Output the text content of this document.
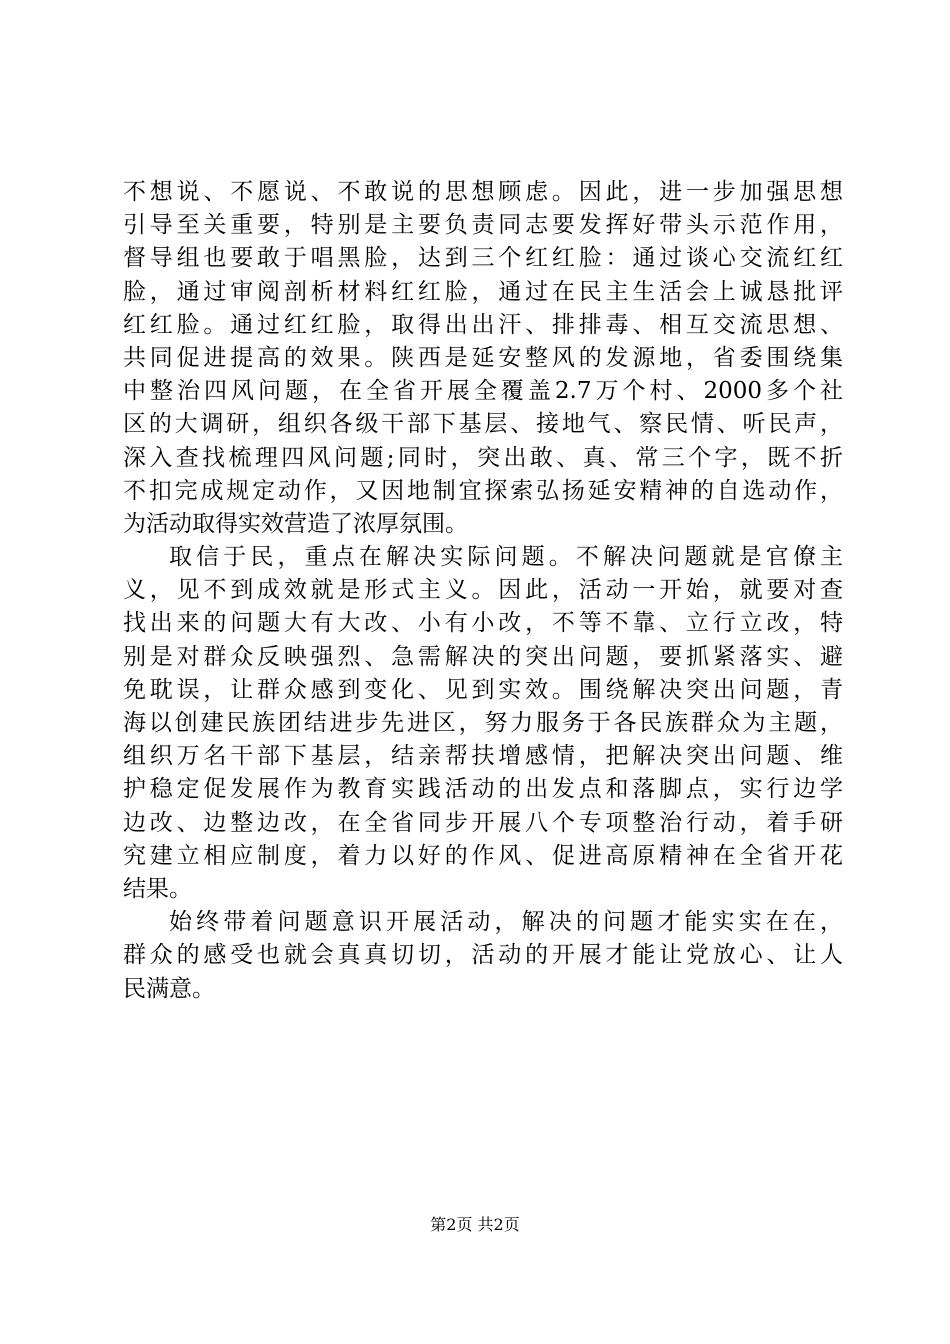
不想说、不愿说、不敢说的思想顾虑。因此，进一步加强思想
引导至关重要，特别是主要负责同志要发挥好带头示范作用，
督导组也要敢于唱黑脸，达到三个红红脸：通过谈心交流红红
脸，通过审阅剖析材料红红脸，通过在民主生活会上诚恳批评
红红脸。通过红红脸，取得出出汗、排排毒、相互交流思想、
共同促进提高的效果。陕西是延安整风的发源地，省委围绕集
中整治四风问题，在全省开展全覆盖2.7万个村、2000多个社
区的大调研，组织各级干部下基层、接地气、察民情、听民声，
深入查找梳理四风问题;同时，突出敢、真、常三个字，既不折
不扣完成规定动作，又因地制宜探索弘扬延安精神的自选动作，
为活动取得实效营造了浓厚氛围。
取信于民，重点在解决实际问题。不解决问题就是官僚主
义，见不到成效就是形式主义。因此，活动一开始，就要对查
找出来的问题大有大改、小有小改，不等不靠、立行立改，特
别是对群众反映强烈、急需解决的突出问题，要抓紧落实、避
免耽误，让群众感到变化、见到实效。围绕解决突出问题，青
海以创建民族团结进步先进区，努力服务于各民族群众为主题，
组织万名干部下基层，结亲帮扶增感情，把解决突出问题、维
护稳定促发展作为教育实践活动的出发点和落脚点，实行边学
边改、边整边改，在全省同步开展八个专项整治行动，着手研
究建立相应制度，着力以好的作风、促进高原精神在全省开花
结果。
始终带着问题意识开展活动，解决的问题才能实实在在，
群众的感受也就会真真切切，活动的开展才能让党放心、让人
民满意。
第2页 共2页
